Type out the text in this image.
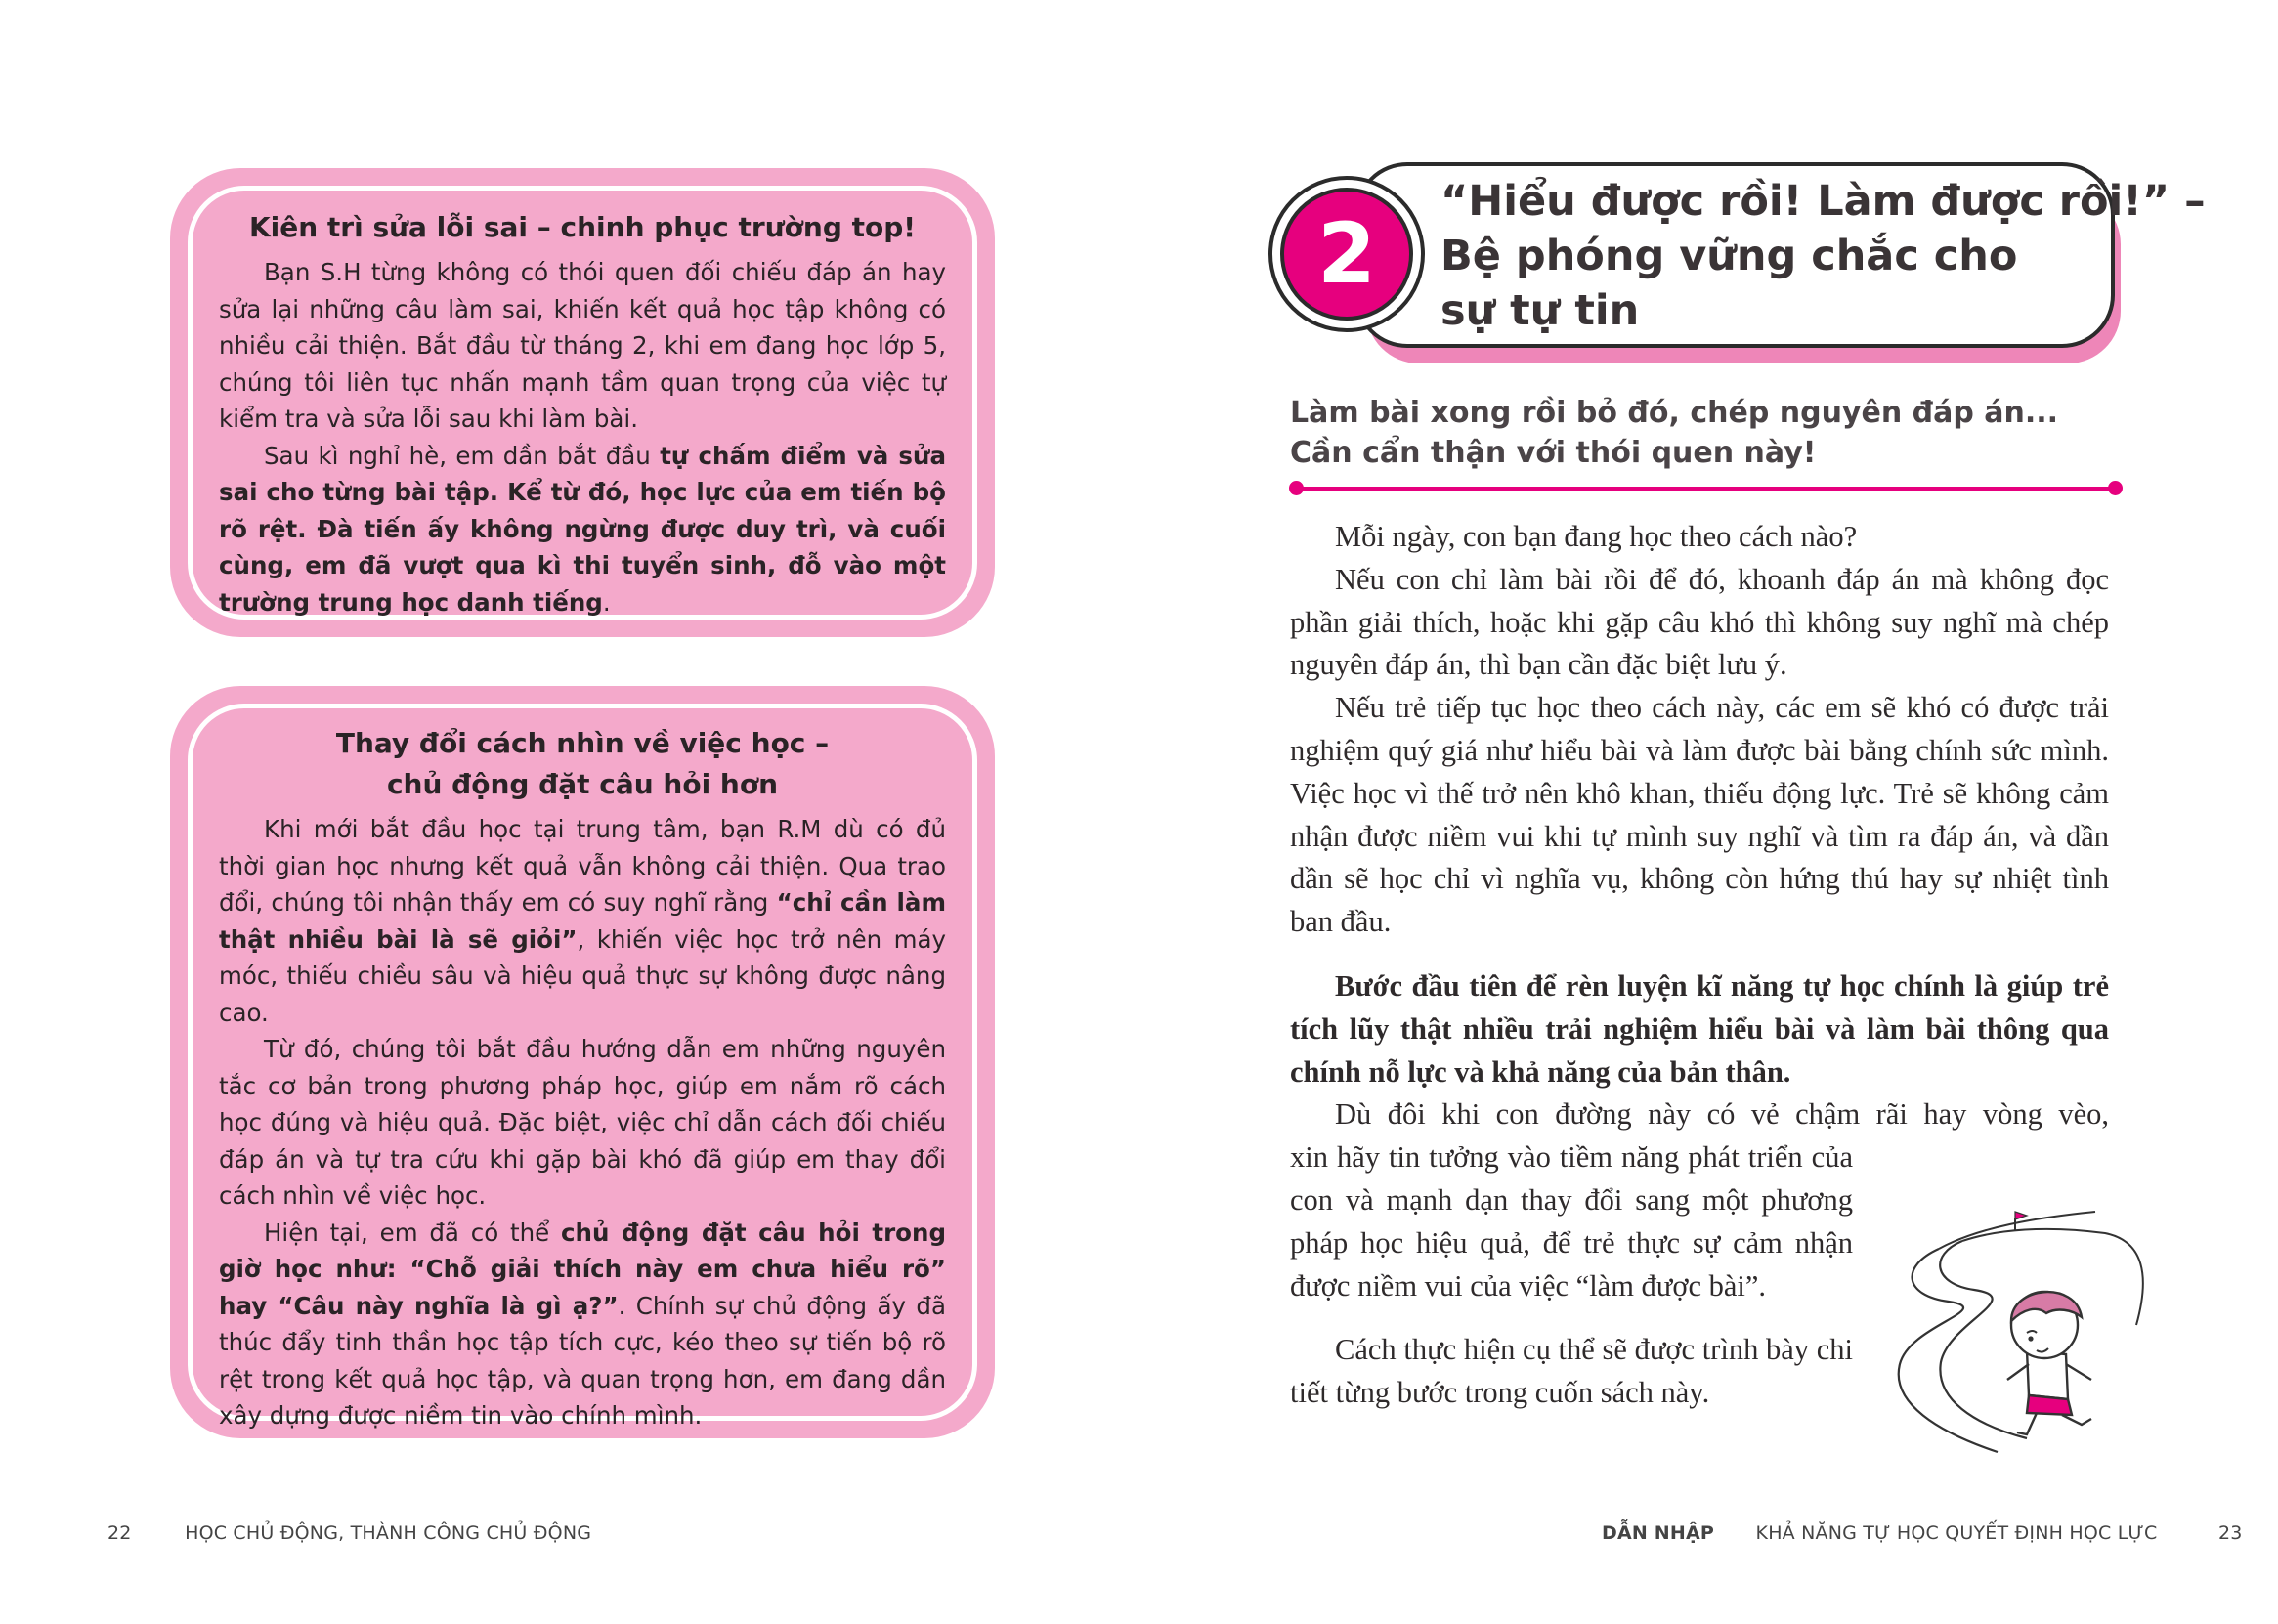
Kiên trì sửa lỗi sai – chinh phục trường top!

Bạn S.H từng không có thói quen đối chiếu đáp án hay sửa lại những câu làm sai, khiến kết quả học tập không có nhiều cải thiện. Bắt đầu từ tháng 2, khi em đang học lớp 5, chúng tôi liên tục nhấn mạnh tầm quan trọng của việc tự kiểm tra và sửa lỗi sau khi làm bài.

Sau kì nghỉ hè, em dần bắt đầu tự chấm điểm và sửa sai cho từng bài tập. Kể từ đó, học lực của em tiến bộ rõ rệt. Đà tiến ấy không ngừng được duy trì, và cuối cùng, em đã vượt qua kì thi tuyển sinh, đỗ vào một trường trung học danh tiếng.

Thay đổi cách nhìn về việc học –
chủ động đặt câu hỏi hơn

Khi mới bắt đầu học tại trung tâm, bạn R.M dù có đủ thời gian học nhưng kết quả vẫn không cải thiện. Qua trao đổi, chúng tôi nhận thấy em có suy nghĩ rằng “chỉ cần làm thật nhiều bài là sẽ giỏi”, khiến việc học trở nên máy móc, thiếu chiều sâu và hiệu quả thực sự không được nâng cao.

Từ đó, chúng tôi bắt đầu hướng dẫn em những nguyên tắc cơ bản trong phương pháp học, giúp em nắm rõ cách học đúng và hiệu quả. Đặc biệt, việc chỉ dẫn cách đối chiếu đáp án và tự tra cứu khi gặp bài khó đã giúp em thay đổi cách nhìn về việc học.

Hiện tại, em đã có thể chủ động đặt câu hỏi trong giờ học như: “Chỗ giải thích này em chưa hiểu rõ” hay “Câu này nghĩa là gì ạ?”. Chính sự chủ động ấy đã thúc đẩy tinh thần học tập tích cực, kéo theo sự tiến bộ rõ rệt trong kết quả học tập, và quan trọng hơn, em đang dần xây dựng được niềm tin vào chính mình.

22	HỌC CHỦ ĐỘNG, THÀNH CÔNG CHỦ ĐỘNG
2
“Hiểu được rồi! Làm được rồi!” –
Bệ phóng vững chắc cho
sự tự tin
Làm bài xong rồi bỏ đó, chép nguyên đáp án...
Cần cẩn thận với thói quen này!

Mỗi ngày, con bạn đang học theo cách nào?

Nếu con chỉ làm bài rồi để đó, khoanh đáp án mà không đọc phần giải thích, hoặc khi gặp câu khó thì không suy nghĩ mà chép nguyên đáp án, thì bạn cần đặc biệt lưu ý.

Nếu trẻ tiếp tục học theo cách này, các em sẽ khó có được trải nghiệm quý giá như hiểu bài và làm được bài bằng chính sức mình. Việc học vì thế trở nên khô khan, thiếu động lực. Trẻ sẽ không cảm nhận được niềm vui khi tự mình suy nghĩ và tìm ra đáp án, và dần dần sẽ học chỉ vì nghĩa vụ, không còn hứng thú hay sự nhiệt tình ban đầu.

Bước đầu tiên để rèn luyện kĩ năng tự học chính là giúp trẻ tích lũy thật nhiều trải nghiệm hiểu bài và làm bài thông qua chính nỗ lực và khả năng của bản thân.

Dù đôi khi con đường này có vẻ chậm rãi hay vòng vèo,

xin hãy tin tưởng vào tiềm năng phát triển của con và mạnh dạn thay đổi sang một phương pháp học hiệu quả, để trẻ thực sự cảm nhận được niềm vui của việc “làm được bài”.

Cách thực hiện cụ thể sẽ được trình bày chi tiết từng bước trong cuốn sách này.

DẪN NHẬP KHẢ NĂNG TỰ HỌC QUYẾT ĐỊNH HỌC LỰC	23
